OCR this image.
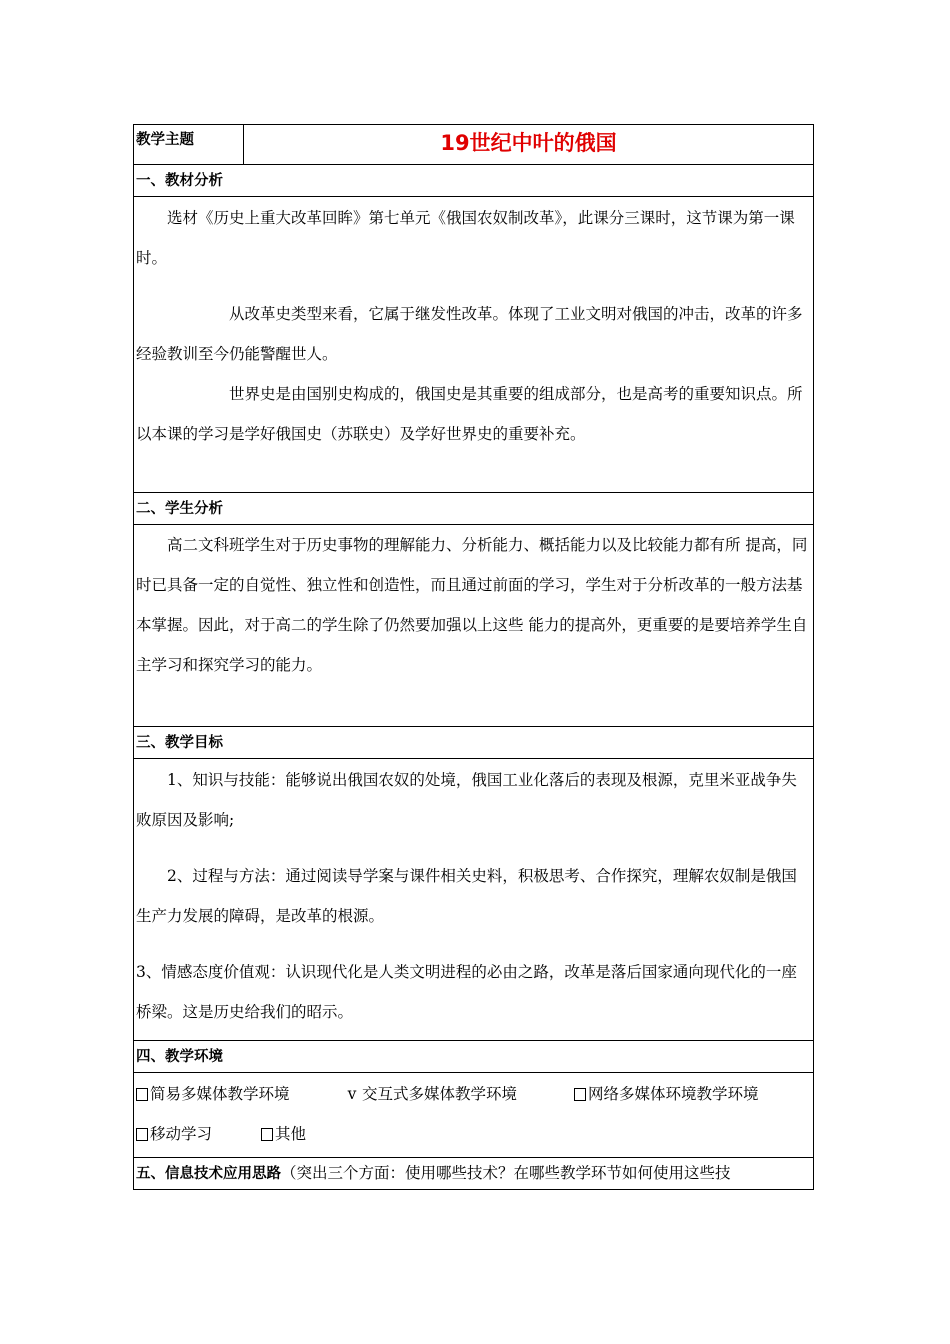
教学主题	19世纪中叶的俄国

一、教材分析

选材《历史上重大改革回眸》第七单元《俄国农奴制改革》，此课分三课时，这节课为第一课时。

从改革史类型来看，它属于继发性改革。体现了工业文明对俄国的冲击，改革的许多经验教训至今仍能警醒世人。

世界史是由国别史构成的，俄国史是其重要的组成部分，也是高考的重要知识点。所以本课的学习是学好俄国史（苏联史）及学好世界史的重要补充。

二、学生分析

高二文科班学生对于历史事物的理解能力、分析能力、概括能力以及比较能力都有所 提高，同时已具备一定的自觉性、独立性和创造性，而且通过前面的学习，学生对于分析改革的一般方法基本掌握。因此，对于高二的学生除了仍然要加强以上这些 能力的提高外，更重要的是要培养学生自主学习和探究学习的能力。

三、教学目标

1、知识与技能：能够说出俄国农奴的处境，俄国工业化落后的表现及根源，克里米亚战争失败原因及影响;

2、过程与方法：通过阅读导学案与课件相关史料，积极思考、合作探究，理解农奴制是俄国生产力发展的障碍，是改革的根源。

3、情感态度价值观：认识现代化是人类文明进程的必由之路，改革是落后国家通向现代化的一座桥梁。这是历史给我们的昭示。

四、教学环境

简易多媒体教学环境	v 交互式多媒体教学环境	网络多媒体环境教学环境
移动学习	其他

五、信息技术应用思路（突出三个方面：使用哪些技术？在哪些教学环节如何使用这些技
